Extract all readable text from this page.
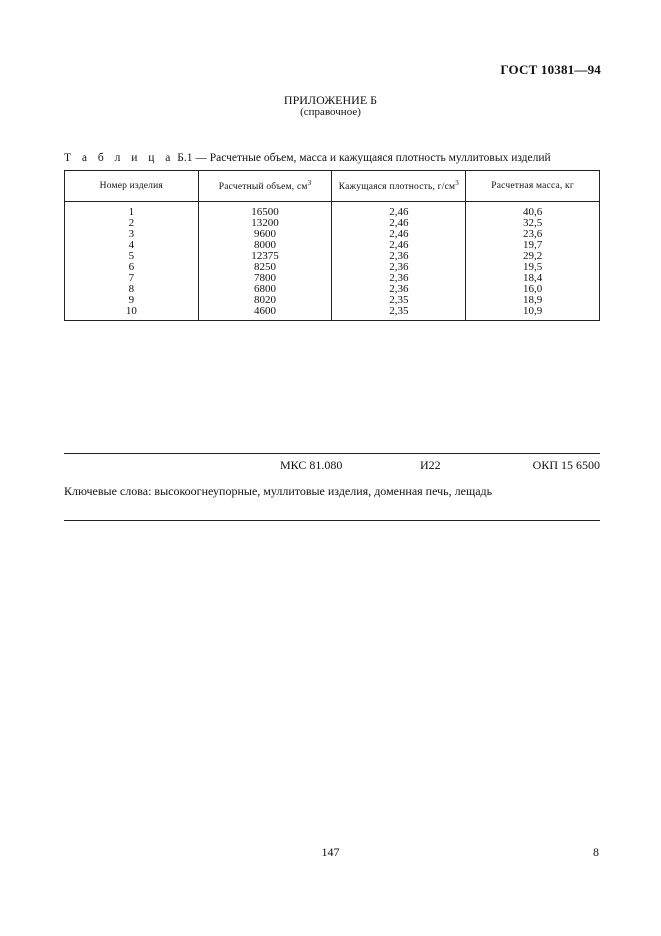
ГОСТ 10381—94
ПРИЛОЖЕНИЕ Б
(справочное)
Т а б л и ц а Б.1 — Расчетные объем, масса и кажущаяся плотность муллитовых изделий
Номер изделия	Расчетный объем, $см^3$	Кажущаяся плотность, $г/см^3$	Расчетная масса, кг
1	16500	2,46	40,6
2	13200	2,46	32,5
3	9600	2,46	23,6
4	8000	2,46	19,7
5	12375	2,36	29,2
6	8250	2,36	19,5
7	7800	2,36	18,4
8	6800	2,36	16,0
9	8020	2,35	18,9
10	4600	2,35	10,9
МКС 81.080	И22	ОКП 15 6500
Ключевые слова: высокоогнеупорные, муллитовые изделия, доменная печь, лещадь
147	8
